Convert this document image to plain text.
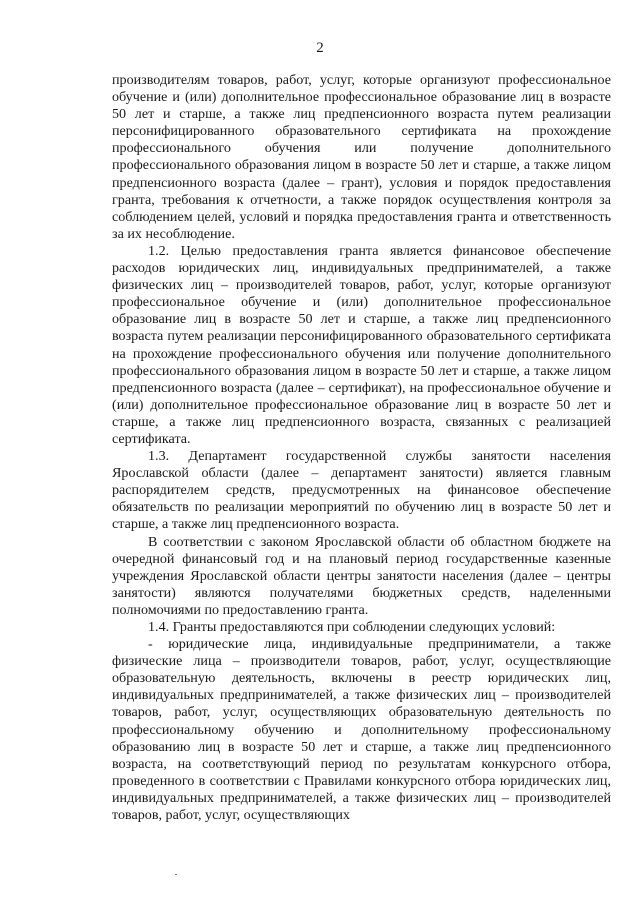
2

производителям товаров, работ, услуг, которые организуют профессиональное обучение и (или) дополнительное профессиональное образование лиц в возрасте 50 лет и старше, а также лиц предпенсионного возраста путем реализации персонифицированного образовательного сертификата на прохождение профессионального обучения или получение дополнительного профессионального образования лицом в возрасте 50 лет и старше, а также лицом предпенсионного возраста (далее – грант), условия и порядок предоставления гранта, требования к отчетности, а также порядок осуществления контроля за соблюдением целей, условий и порядка предоставления гранта и ответственность за их несоблюдение.

1.2. Целью предоставления гранта является финансовое обеспечение расходов юридических лиц, индивидуальных предпринимателей, а также физических лиц – производителей товаров, работ, услуг, которые организуют профессиональное обучение и (или) дополнительное профессиональное образование лиц в возрасте 50 лет и старше, а также лиц предпенсионного возраста путем реализации персонифицированного образовательного сертификата на прохождение профессионального обучения или получение дополнительного профессионального образования лицом в возрасте 50 лет и старше, а также лицом предпенсионного возраста (далее – сертификат), на профессиональное обучение и (или) дополнительное профессиональное образование лиц в возрасте 50 лет и старше, а также лиц предпенсионного возраста, связанных с реализацией сертификата.

1.3. Департамент государственной службы занятости населения Ярославской области (далее – департамент занятости) является главным распорядителем средств, предусмотренных на финансовое обеспечение обязательств по реализации мероприятий по обучению лиц в возрасте 50 лет и старше, а также лиц предпенсионного возраста.

В соответствии с законом Ярославской области об областном бюджете на очередной финансовый год и на плановый период государственные казенные учреждения Ярославской области центры занятости населения (далее – центры занятости) являются получателями бюджетных средств, наделенными полномочиями по предоставлению гранта.

1.4. Гранты предоставляются при соблюдении следующих условий:

- юридические лица, индивидуальные предприниматели, а также физические лица – производители товаров, работ, услуг, осуществляющие образовательную деятельность, включены в реестр юридических лиц, индивидуальных предпринимателей, а также физических лиц – производителей товаров, работ, услуг, осуществляющих образовательную деятельность по профессиональному обучению и дополнительному профессиональному образованию лиц в возрасте 50 лет и старше, а также лиц предпенсионного возраста, на соответствующий период по результатам конкурсного отбора, проведенного в соответствии с Правилами конкурсного отбора юридических лиц, индивидуальных предпринимателей, а также физических лиц – производителей товаров, работ, услуг, осуществляющих
